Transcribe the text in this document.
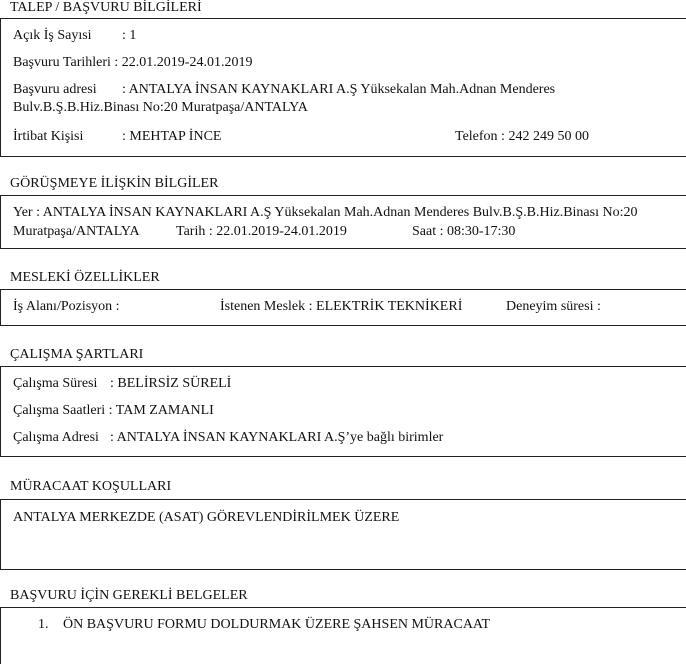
TALEP / BAŞVURU BİLGİLERİ
Açık İş Sayısi : 1
Başvuru Tarihleri : 22.01.2019-24.01.2019
Başvuru adresi : ANTALYA İNSAN KAYNAKLARI A.Ş Yüksekalan Mah.Adnan Menderes
Bulv.B.Ş.B.Hiz.Binası No:20 Muratpaşa/ANTALYA
İrtibat Kişisi	: MEHTAP İNCE	Telefon : 242 249 50 00
GÖRÜŞMEYE İLİŞKİN BİLGİLER
Yer : ANTALYA İNSAN KAYNAKLARI A.Ş Yüksekalan Mah.Adnan Menderes Bulv.B.Ş.B.Hiz.Binası No:20
Muratpaşa/ANTALYA	Tarih : 22.01.2019-24.01.2019	Saat : 08:30-17:30
MESLEKİ ÖZELLİKLER
İş Alanı/Pozisyon :	İstenen Meslek : ELEKTRİK TEKNİKERİ	Deneyim süresi :
ÇALIŞMA ŞARTLARI
Çalışma Süresi : BELİRSİZ SÜRELİ
Çalışma Saatleri : TAM ZAMANLI
Çalışma Adresi : ANTALYA İNSAN KAYNAKLARI A.Ş’ye bağlı birimler
MÜRACAAT KOŞULLARI
ANTALYA MERKEZDE (ASAT) GÖREVLENDİRİLMEK ÜZERE
BAŞVURU İÇİN GEREKLİ BELGELER
1. ÖN BAŞVURU FORMU DOLDURMAK ÜZERE ŞAHSEN MÜRACAAT
